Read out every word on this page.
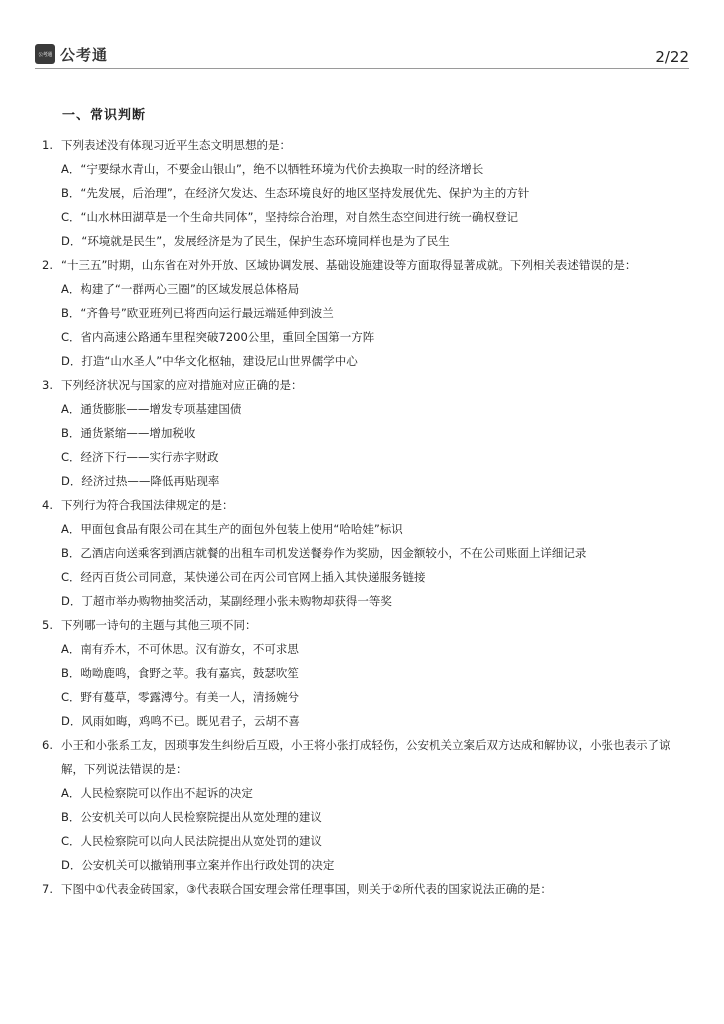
公考通 公考通	2/22
一、常识判断
1. 下列表述没有体现习近平生态文明思想的是：
A．“宁要绿水青山，不要金山银山”，绝不以牺牲环境为代价去换取一时的经济增长
B．“先发展，后治理”，在经济欠发达、生态环境良好的地区坚持发展优先、保护为主的方针
C．“山水林田湖草是一个生命共同体”，坚持综合治理，对自然生态空间进行统一确权登记
D．“环境就是民生”，发展经济是为了民生，保护生态环境同样也是为了民生
2. “十三五”时期，山东省在对外开放、区域协调发展、基础设施建设等方面取得显著成就。下列相关表述错误的是：
A．构建了“一群两心三圈”的区域发展总体格局
B．“齐鲁号”欧亚班列已将西向运行最远端延伸到波兰
C．省内高速公路通车里程突破7200公里，重回全国第一方阵
D．打造“山水圣人”中华文化枢轴，建设尼山世界儒学中心
3. 下列经济状况与国家的应对措施对应正确的是：
A．通货膨胀——增发专项基建国债
B．通货紧缩——增加税收
C．经济下行——实行赤字财政
D．经济过热——降低再贴现率
4. 下列行为符合我国法律规定的是：
A．甲面包食品有限公司在其生产的面包外包装上使用“哈哈娃”标识
B．乙酒店向送乘客到酒店就餐的出租车司机发送餐券作为奖励，因金额较小，不在公司账面上详细记录
C．经丙百货公司同意，某快递公司在丙公司官网上插入其快递服务链接
D．丁超市举办购物抽奖活动，某副经理小张未购物却获得一等奖
5. 下列哪一诗句的主题与其他三项不同：
A．南有乔木，不可休思。汉有游女，不可求思
B．呦呦鹿鸣，食野之苹。我有嘉宾，鼓瑟吹笙
C．野有蔓草，零露漙兮。有美一人，清扬婉兮
D．风雨如晦，鸡鸣不已。既见君子，云胡不喜
6. 小王和小张系工友，因琐事发生纠纷后互殴，小王将小张打成轻伤，公安机关立案后双方达成和解协议，小张也表示了谅
解，下列说法错误的是：
A．人民检察院可以作出不起诉的决定
B．公安机关可以向人民检察院提出从宽处理的建议
C．人民检察院可以向人民法院提出从宽处罚的建议
D．公安机关可以撤销刑事立案并作出行政处罚的决定
7. 下图中①代表金砖国家，③代表联合国安理会常任理事国，则关于②所代表的国家说法正确的是：
